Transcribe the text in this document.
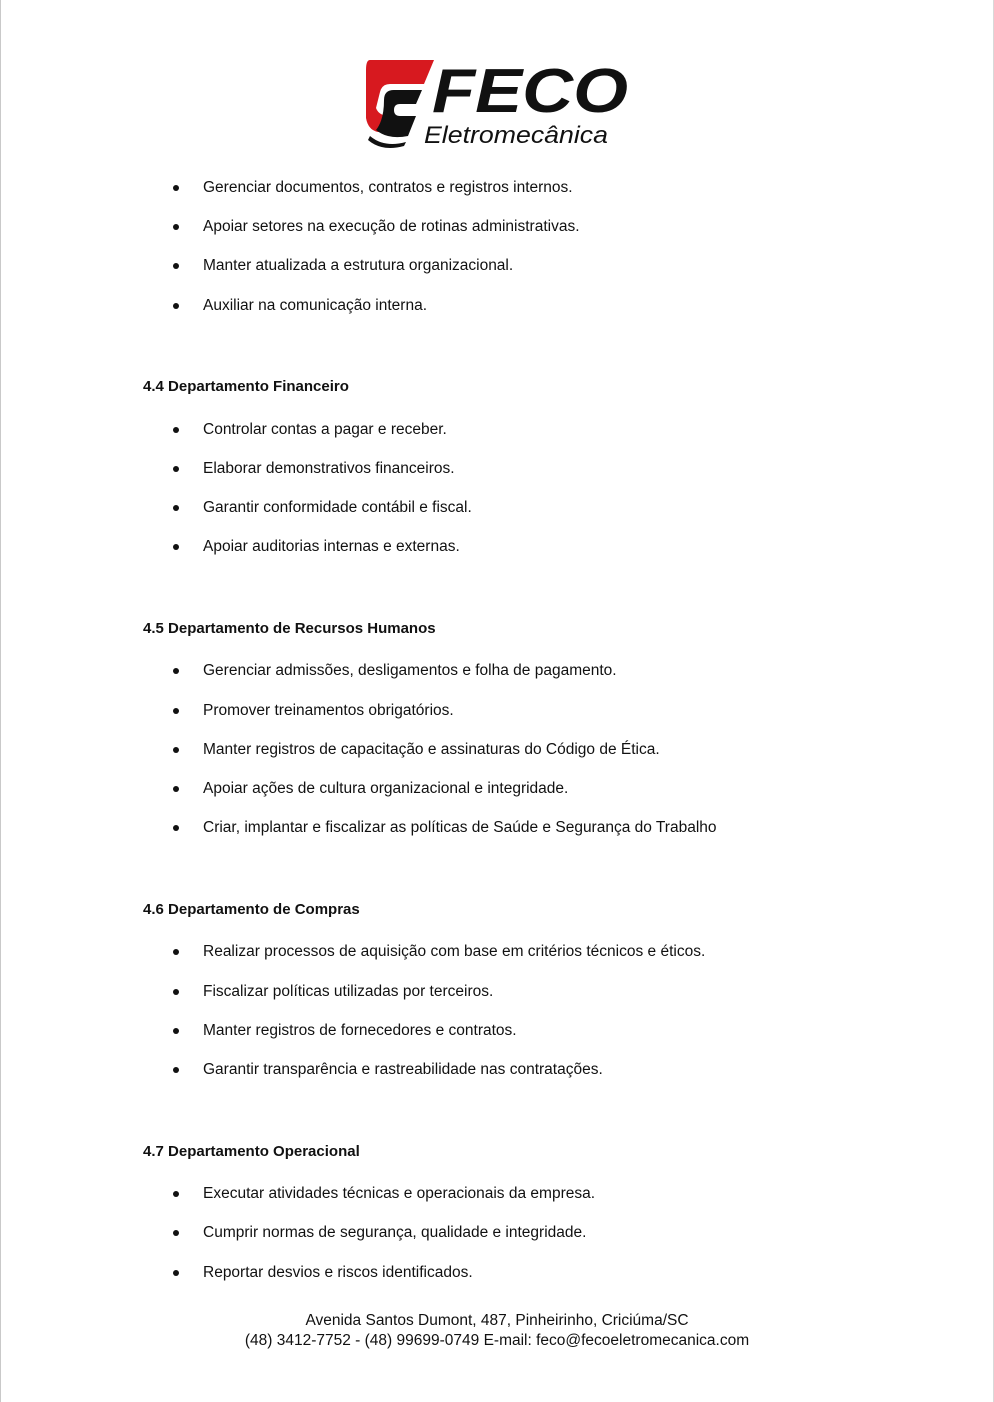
FECO
Eletromecânica
Gerenciar documentos, contratos e registros internos.
Apoiar setores na execução de rotinas administrativas.
Manter atualizada a estrutura organizacional.
Auxiliar na comunicação interna.
4.4 Departamento Financeiro
Controlar contas a pagar e receber.
Elaborar demonstrativos financeiros.
Garantir conformidade contábil e fiscal.
Apoiar auditorias internas e externas.
4.5 Departamento de Recursos Humanos
Gerenciar admissões, desligamentos e folha de pagamento.
Promover treinamentos obrigatórios.
Manter registros de capacitação e assinaturas do Código de Ética.
Apoiar ações de cultura organizacional e integridade.
Criar, implantar e fiscalizar as políticas de Saúde e Segurança do Trabalho
4.6 Departamento de Compras
Realizar processos de aquisição com base em critérios técnicos e éticos.
Fiscalizar políticas utilizadas por terceiros.
Manter registros de fornecedores e contratos.
Garantir transparência e rastreabilidade nas contratações.
4.7 Departamento Operacional
Executar atividades técnicas e operacionais da empresa.
Cumprir normas de segurança, qualidade e integridade.
Reportar desvios e riscos identificados.
Avenida Santos Dumont, 487, Pinheirinho, Criciúma/SC
(48) 3412-7752 - (48) 99699-0749 E-mail: feco@fecoeletromecanica.com
